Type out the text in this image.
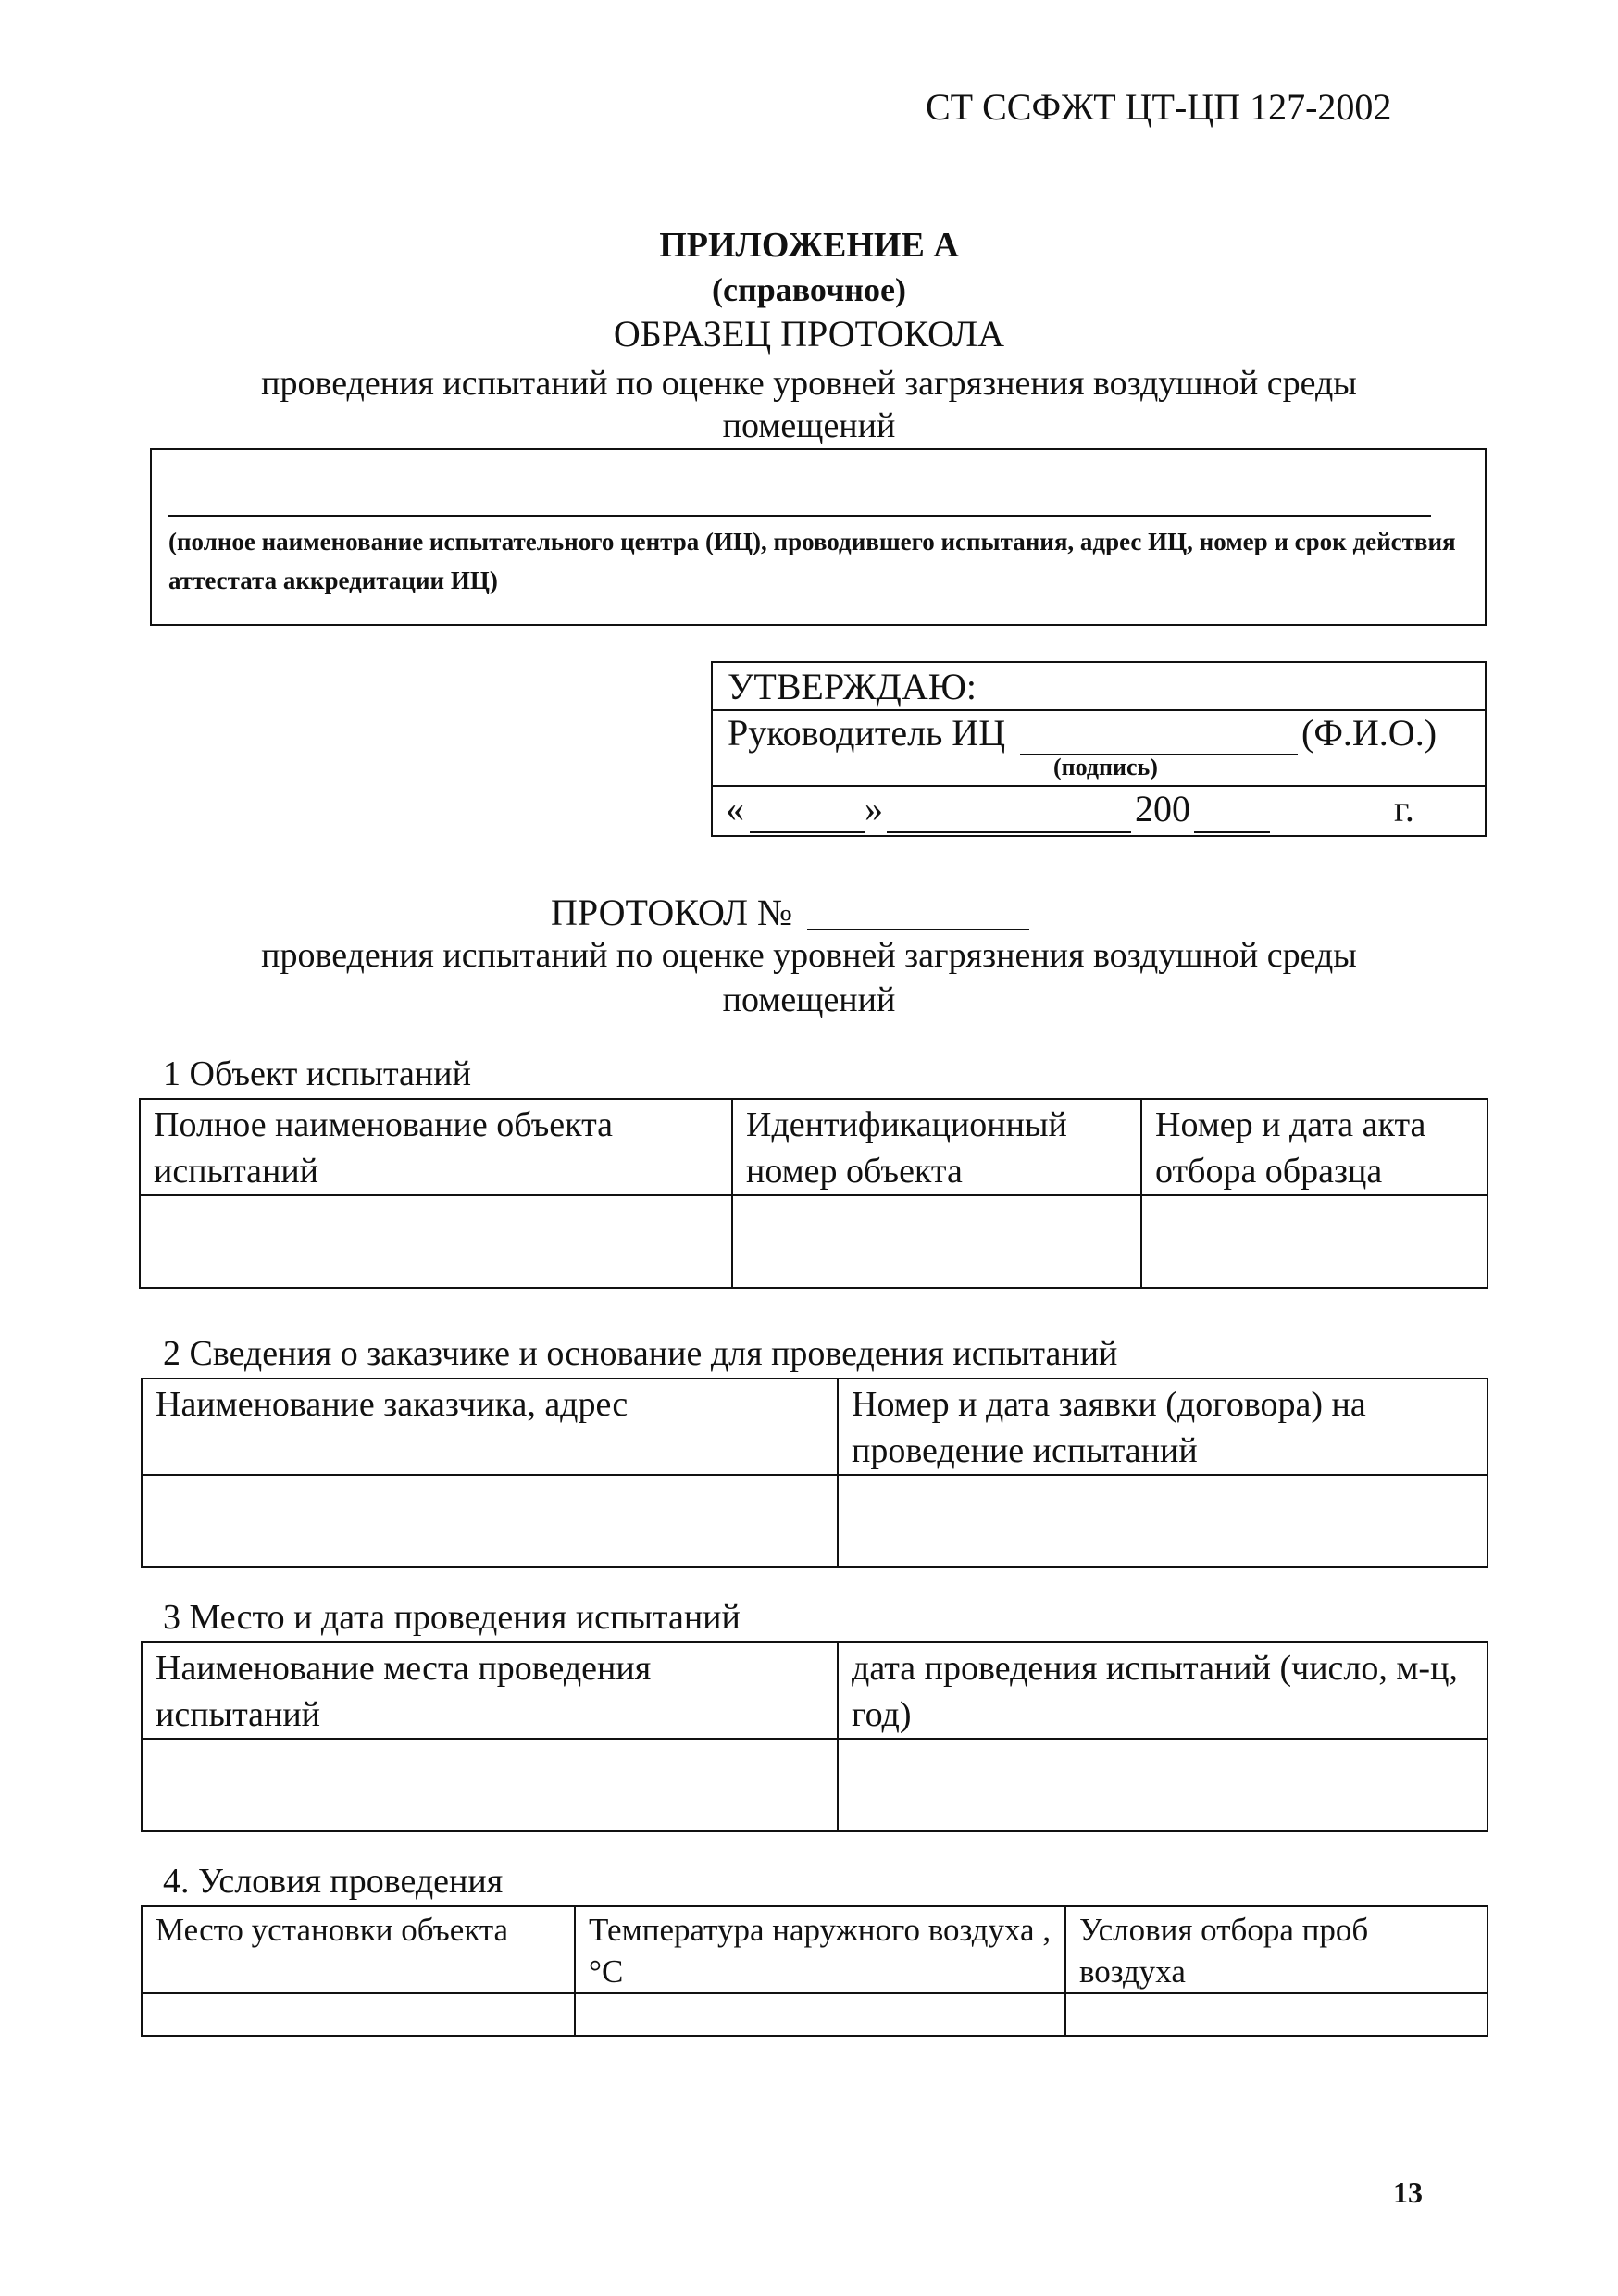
СТ ССФЖТ ЦТ-ЦП 127-2002
ПРИЛОЖЕНИЕ А
(справочное)
ОБРАЗЕЦ ПРОТОКОЛА
проведения испытаний по оценке уровней загрязнения воздушной среды
помещений
(полное наименование испытательного центра (ИЦ), проводившего испытания, адрес ИЦ, номер и срок действия аттестата аккредитации ИЦ)
УТВЕРЖДАЮ:
Руководитель ИЦ	(Ф.И.О.)
(подпись)
«	»	200	г.
ПРОТОКОЛ №
проведения испытаний по оценке уровней загрязнения воздушной среды
помещений
1 Объект испытаний
Полное наименование объекта испытаний	Идентификационный номер объекта	Номер и дата акта отбора образца

2 Сведения о заказчике и основание для проведения испытаний
Наименование заказчика, адрес	Номер и дата заявки (договора) на проведение испытаний

3 Место и дата проведения испытаний
Наименование места проведения испытаний	дата проведения испытаний (число, м-ц, год)

4. Условия проведения
Место установки объекта	Температура наружного воздуха ,°С	Условия отбора проб воздуха

13
